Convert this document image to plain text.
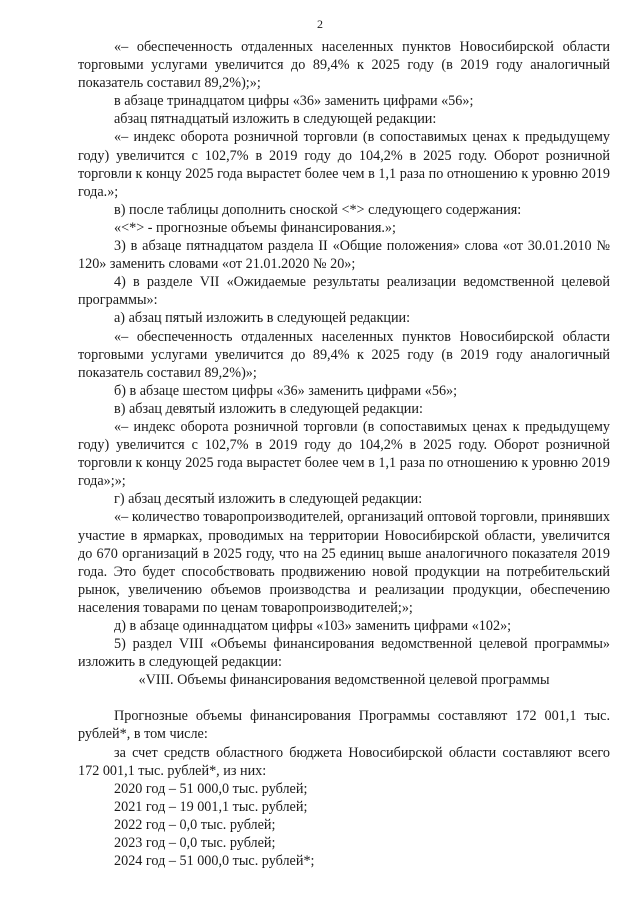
2

«– обеспеченность отдаленных населенных пунктов Новосибирской области торговыми услугами увеличится до 89,4% к 2025 году (в 2019 году аналогичный показатель составил 89,2%);»;

в абзаце тринадцатом цифры «36» заменить цифрами «56»;

абзац пятнадцатый изложить в следующей редакции:

«– индекс оборота розничной торговли (в сопоставимых ценах к предыдущему году) увеличится с 102,7% в 2019 году до 104,2% в 2025 году. Оборот розничной торговли к концу 2025 года вырастет более чем в 1,1 раза по отношению к уровню 2019 года.»;

в) после таблицы дополнить сноской <*> следующего содержания:

«<*> - прогнозные объемы финансирования.»;

3) в абзаце пятнадцатом раздела II «Общие положения» слова «от 30.01.2010 № 120» заменить словами «от 21.01.2020 № 20»;

4) в разделе VII «Ожидаемые результаты реализации ведомственной целевой программы»:

а) абзац пятый изложить в следующей редакции:

«– обеспеченность отдаленных населенных пунктов Новосибирской области торговыми услугами увеличится до 89,4% к 2025 году (в 2019 году аналогичный показатель составил 89,2%)»;

б) в абзаце шестом цифры «36» заменить цифрами «56»;

в) абзац девятый изложить в следующей редакции:

«– индекс оборота розничной торговли (в сопоставимых ценах к предыдущему году) увеличится с 102,7% в 2019 году до 104,2% в 2025 году. Оборот розничной торговли к концу 2025 года вырастет более чем в 1,1 раза по отношению к уровню 2019 года»;»;

г) абзац десятый изложить в следующей редакции:

«– количество товаропроизводителей, организаций оптовой торговли, принявших участие в ярмарках, проводимых на территории Новосибирской области, увеличится до 670 организаций в 2025 году, что на 25 единиц выше аналогичного показателя 2019 года. Это будет способствовать продвижению новой продукции на потребительский рынок, увеличению объемов производства и реализации продукции, обеспечению населения товарами по ценам товаропроизводителей;»;

д) в абзаце одиннадцатом цифры «103» заменить цифрами «102»;

5) раздел VIII «Объемы финансирования ведомственной целевой программы» изложить в следующей редакции:

«VIII. Объемы финансирования ведомственной целевой программы

Прогнозные объемы финансирования Программы составляют 172 001,1 тыс. рублей*, в том числе:

за счет средств областного бюджета Новосибирской области составляют всего 172 001,1 тыс. рублей*, из них:

2020 год – 51 000,0 тыс. рублей;

2021 год – 19 001,1 тыс. рублей;

2022 год – 0,0 тыс. рублей;

2023 год – 0,0 тыс. рублей;

2024 год – 51 000,0 тыс. рублей*;
